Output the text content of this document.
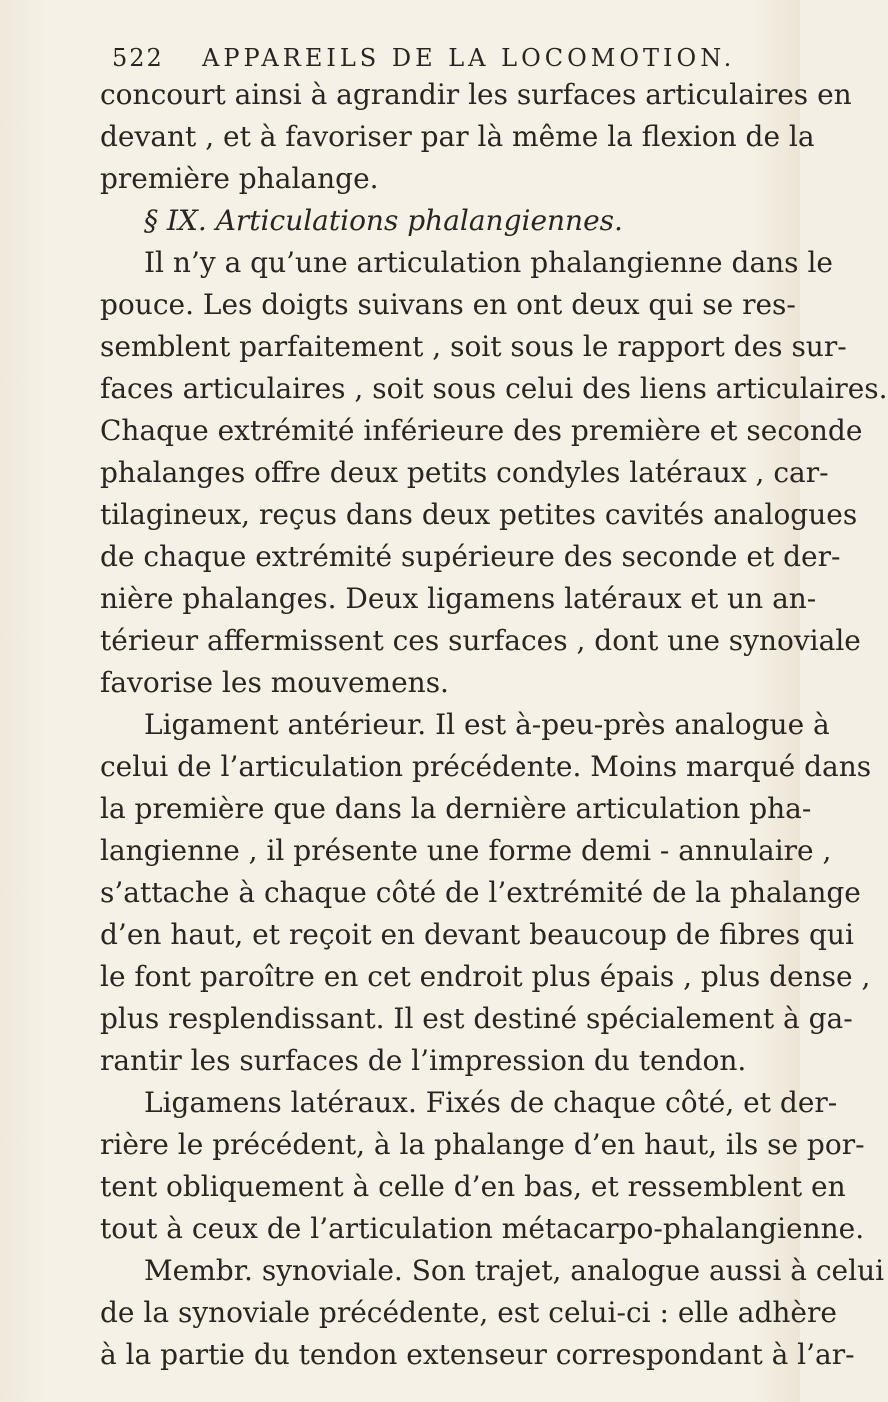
522 APPAREILS DE LA LOCOMOTION.
concourt ainsi à agrandir les surfaces articulaires en
devant , et à favoriser par là même la flexion de la
première phalange.
§ IX. Articulations phalangiennes.
Il n’y a qu’une articulation phalangienne dans le
pouce. Les doigts suivans en ont deux qui se res-
semblent parfaitement , soit sous le rapport des sur-
faces articulaires , soit sous celui des liens articulaires.
Chaque extrémité inférieure des première et seconde
phalanges offre deux petits condyles latéraux , car-
tilagineux, reçus dans deux petites cavités analogues
de chaque extrémité supérieure des seconde et der-
nière phalanges. Deux ligamens latéraux et un an-
térieur affermissent ces surfaces , dont une synoviale
favorise les mouvemens.
Ligament antérieur. Il est à-peu-près analogue à
celui de l’articulation précédente. Moins marqué dans
la première que dans la dernière articulation pha-
langienne , il présente une forme demi - annulaire ,
s’attache à chaque côté de l’extrémité de la phalange
d’en haut, et reçoit en devant beaucoup de fibres qui
le font paroître en cet endroit plus épais , plus dense ,
plus resplendissant. Il est destiné spécialement à ga-
rantir les surfaces de l’impression du tendon.
Ligamens latéraux. Fixés de chaque côté, et der-
rière le précédent, à la phalange d’en haut, ils se por-
tent obliquement à celle d’en bas, et ressemblent en
tout à ceux de l’articulation métacarpo-phalangienne.
Membr. synoviale. Son trajet, analogue aussi à celui
de la synoviale précédente, est celui-ci : elle adhère
à la partie du tendon extenseur correspondant à l’ar-
